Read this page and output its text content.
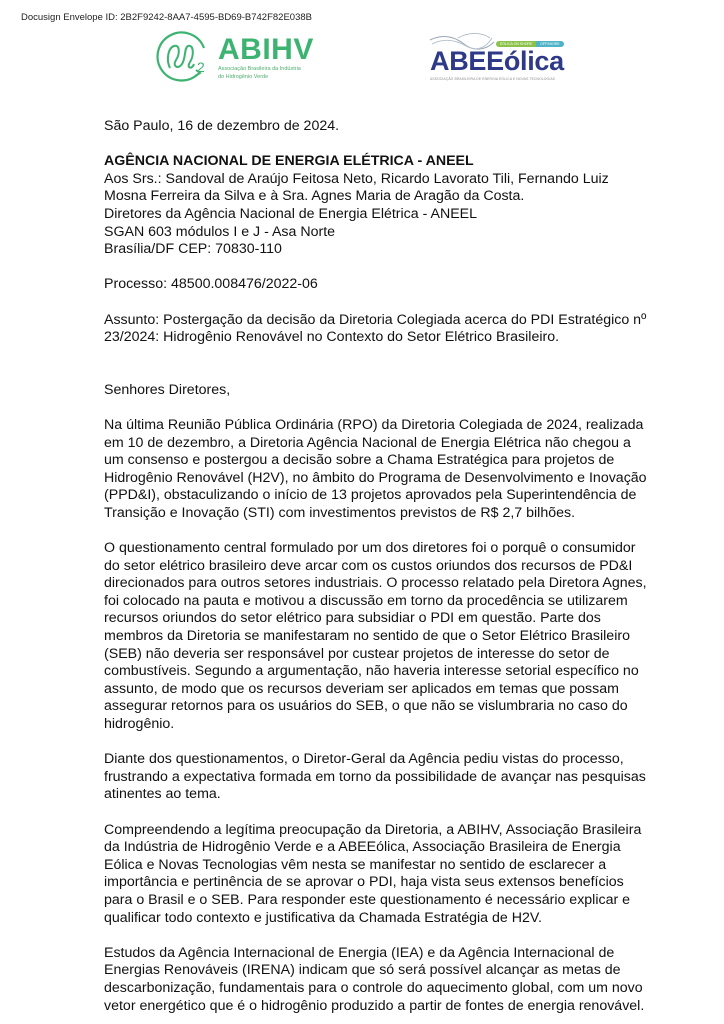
Docusign Envelope ID: 2B2F9242-8AA7-4595-BD69-B742F82E038B
2
ABIHV
Associação Brasileira da Indústria
do Hidrogênio Verde
EÓLICA ON SHORE	OFFSHORE
ABEEólica
ASSOCIAÇÃO BRASILEIRA DE ENERGIA EÓLICA E NOVAS TECNOLOGIAS

São Paulo, 16 de dezembro de 2024.

AGÊNCIA NACIONAL DE ENERGIA ELÉTRICA - ANEEL

Aos Srs.: Sandoval de Araújo Feitosa Neto, Ricardo Lavorato Tili, Fernando Luiz
Mosna Ferreira da Silva e à Sra. Agnes Maria de Aragão da Costa.
Diretores da Agência Nacional de Energia Elétrica - ANEEL
SGAN 603 módulos I e J - Asa Norte
Brasília/DF CEP: 70830-110

Processo: 48500.008476/2022-06

Assunto: Postergação da decisão da Diretoria Colegiada acerca do PDI Estratégico nº
23/2024: Hidrogênio Renovável no Contexto do Setor Elétrico Brasileiro.

Senhores Diretores,

Na última Reunião Pública Ordinária (RPO) da Diretoria Colegiada de 2024, realizada
em 10 de dezembro, a Diretoria Agência Nacional de Energia Elétrica não chegou a
um consenso e postergou a decisão sobre a Chama Estratégica para projetos de
Hidrogênio Renovável (H2V), no âmbito do Programa de Desenvolvimento e Inovação
(PPD&I), obstaculizando o início de 13 projetos aprovados pela Superintendência de
Transição e Inovação (STI) com investimentos previstos de R$ 2,7 bilhões.
O questionamento central formulado por um dos diretores foi o porquê o consumidor
do setor elétrico brasileiro deve arcar com os custos oriundos dos recursos de PD&I
direcionados para outros setores industriais. O processo relatado pela Diretora Agnes,
foi colocado na pauta e motivou a discussão em torno da procedência se utilizarem
recursos oriundos do setor elétrico para subsidiar o PDI em questão. Parte dos
membros da Diretoria se manifestaram no sentido de que o Setor Elétrico Brasileiro
(SEB) não deveria ser responsável por custear projetos de interesse do setor de
combustíveis. Segundo a argumentação, não haveria interesse setorial específico no
assunto, de modo que os recursos deveriam ser aplicados em temas que possam
assegurar retornos para os usuários do SEB, o que não se vislumbraria no caso do
hidrogênio.
Diante dos questionamentos, o Diretor-Geral da Agência pediu vistas do processo,
frustrando a expectativa formada em torno da possibilidade de avançar nas pesquisas
atinentes ao tema.
Compreendendo a legítima preocupação da Diretoria, a ABIHV, Associação Brasileira
da Indústria de Hidrogênio Verde e a ABEEólica, Associação Brasileira de Energia
Eólica e Novas Tecnologias vêm nesta se manifestar no sentido de esclarecer a
importância e pertinência de se aprovar o PDI, haja vista seus extensos benefícios
para o Brasil e o SEB. Para responder este questionamento é necessário explicar e
qualificar todo contexto e justificativa da Chamada Estratégia de H2V.
Estudos da Agência Internacional de Energia (IEA) e da Agência Internacional de
Energias Renováveis (IRENA) indicam que só será possível alcançar as metas de
descarbonização, fundamentais para o controle do aquecimento global, com um novo
vetor energético que é o hidrogênio produzido a partir de fontes de energia renovável.
